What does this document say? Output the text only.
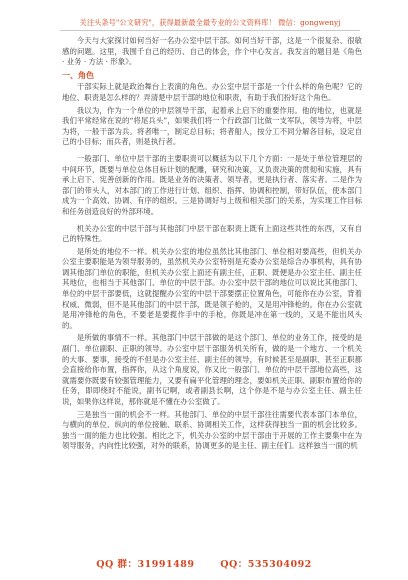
关注头条号"公文研究"，获得最新最全最专业的公文资料库！ 微信：gongwenyj

今天与大家探讨如何当好一名办公室中层干部。如何当好干部，这是一个很复杂、很敏感的问题。这里，我围千自己的经历、自己的体会，作个中心发言。我发言的题目是《角色 · 业务 · 方法 · 形象》。

一、角色

干部实际上就是政治舞台上表演的角色。办公室中层干部是一个什么样的角色呢？它的地位、职责是怎么样的？弄清楚中层干部的地位和职责，有助于我们扮好这个角色。

我以为，作为一个单位的中层领导干部，起着承上启下的重要作用。他的地位，也就是我们平常经常在说的“将尾兵头”，如果我们将一个行政部门比做一支军队，领导为将，中层为将，一般干部为兵。将者唯一，制定总目标；将者船人，按分工不同分解各目标，设定自己的小目标；而兵者，则是执行者。

一般部门、单位中层干部的主要职责可以概括为以下几个方面：一是处于单位管理层的中间环节，既要与单位总体目标计划的配雕，研究和决策，又负责决策的贯彻和实施，具有承上启下、宪善创新的作用。既是业务的决策者、领导者，更是执行者、落实者。二是作为部门的带头人，对本部门的工作进行计划、组织、指挥、协调和控制，带好队伍，使本部门成为一个高效、协调、有序的组织。三是协调好与上级和相关部门的关系，为实现工作目标和任务创造良好的外部环境。

机关办公室的中层干部与其他部门中层干部在职责上既有上面这些共性的东西，又有自己的特殊性。

是所处的地位不一样。机关办公室的地位虽然比其他部门、单位相对要高些，但机关办公室主要职能是为领导服务的，虽然机关办公室特别是充委办公室是综合办事机构，具有协调其他部门单位的职能，但机关办公室上面还有副主任，正职、既便是办公室主任、副主任其地位，也相当于其他部门、单位的中层干部。办公室中层干部的地位可以说比其他部门、单位的中层干部要低，这就提醒办公室的中层干部要摆正位置角色，可能你在办公室，背着权威、微弱，但不是其他部门的中层干部，既是领子枪的，又是用冲锋枪的。你在办公室就是用冲锋枪的角色，不要老是要揽作手中的手枪，你既是冲在第一线的，又是不能出风头的。

是所做的事情不一样。其他部门中层干部做的是这个部门、单位的业务工作，接受的是副门、单位副职、正职的领导。办公室中层干部服务机关所有，做的是一个地方、一个机关的大事、要事，接受的不但是办公室主任、副主任的领导，有时候甚至是副职、甚至正职都会直接给你布置，指挥你，从这个角度说，你又比一般部门、单位的中层干部地位高些，这就需要你既要有较强管理能力，又要有扁平化管理的理念，要如机关正职、副职布置给你的任务，即即绕时不能说，副书记啊，或者副县长啊，这个你是不是与办公室主任、副主任说，如果你这样说，那你就是不懂在办公室做了。

三是独当一面的机会不一样。其他部门、单位的中层干部往往需要代表本部门本单位，与横向的单位、纵向的单位接触、联系、协调相关工作，这样获得独当一面的机会比较多。独当一面的能力也比较强。相比之下，机关办公室的中层干部由于开展的工作主要集中在为领导服务，内向性比较强，对外的联系，协调更多的是主任、副主任们。这样独当一面的机

QQ 群：31991489	QQ：535304092
